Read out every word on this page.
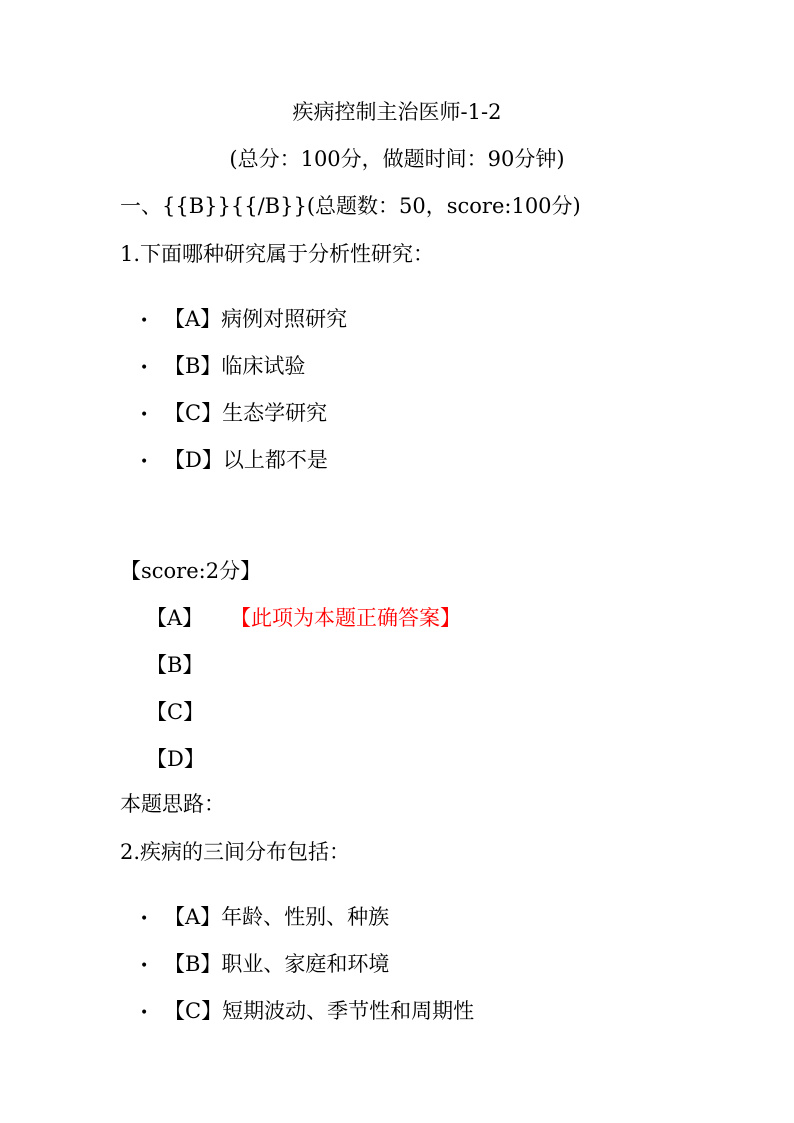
疾病控制主治医师-1-2
(总分：100分，做题时间：90分钟)
一、{{B}}{{/B}}(总题数：50，score:100分)
1.下面哪种研究属于分析性研究：
• 【A】病例对照研究
• 【B】临床试验
• 【C】生态学研究
• 【D】以上都不是
【score:2分】
【A】 【此项为本题正确答案】
【B】
【C】
【D】
本题思路：
2.疾病的三间分布包括：
• 【A】年龄、性别、种族
• 【B】职业、家庭和环境
• 【C】短期波动、季节性和周期性
